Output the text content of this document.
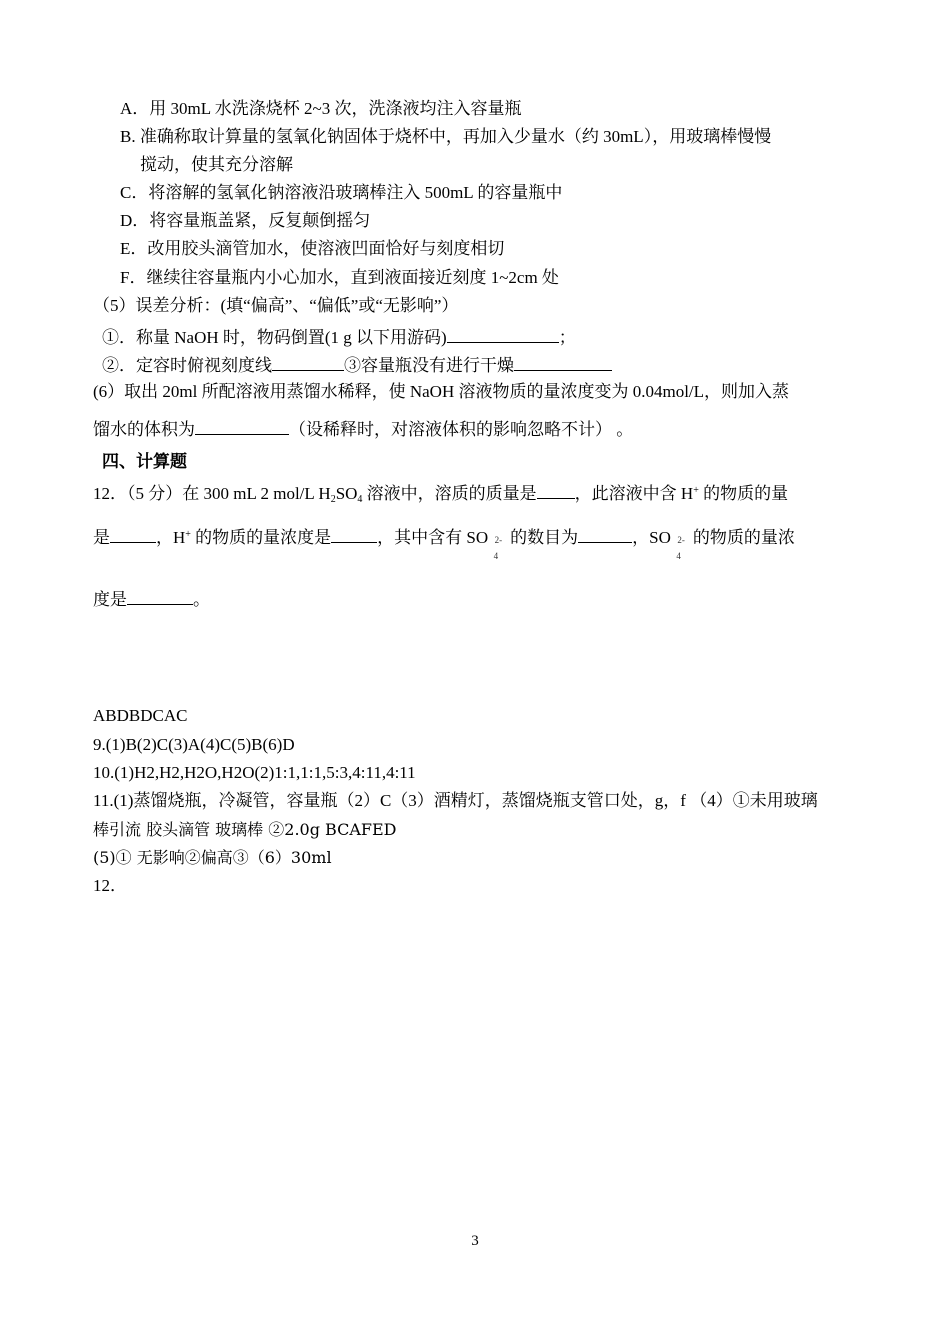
A．用 30mL 水洗涤烧杯 2~3 次，洗涤液均注入容量瓶
B. 准确称取计算量的氢氧化钠固体于烧杯中，再加入少量水（约 30mL），用玻璃棒慢慢
搅动，使其充分溶解
C．将溶解的氢氧化钠溶液沿玻璃棒注入 500mL 的容量瓶中
D．将容量瓶盖紧，反复颠倒摇匀
E．改用胶头滴管加水，使溶液凹面恰好与刻度相切
F．继续往容量瓶内小心加水，直到液面接近刻度 1~2cm 处
（5）误差分析：(填“偏高”、“偏低”或“无影响”）
①．称量 NaOH 时，物码倒置(1 g 以下用游码)	；
②．定容时俯视刻度线	③容量瓶没有进行干燥
(6）取出 20ml 所配溶液用蒸馏水稀释，使 NaOH 溶液物质的量浓度变为 0.04mol/L，则加入蒸
馏水的体积为	（设稀释时，对溶液体积的影响忽略不计） 。
四、计算题
12．（5 分）在 300 mL 2 mol/L $H_2SO_4$ 溶液中，溶质的质量是 ，此溶液中含 H+ 的物质的量
是	，H+ 的物质的量浓度是	，其中含有 SO 2-
4
的数目为	，SO 2-
4
的物质的量浓
度是	。
ABDBDCAC
9.(1)B(2)C(3)A(4)C(5)B(6)D
10.(1)H2,H2,H2O,H2O(2)1:1,1:1,5:3,4:11,4:11
11.(1)蒸馏烧瓶，冷凝管，容量瓶（2）C（3）酒精灯，蒸馏烧瓶支管口处，g，f （4）①未用玻璃
棒引流 胶头滴管 玻璃棒 ②2.0g BCAFED
(5)① 无影响②偏高③（6）30ml
12．
3
